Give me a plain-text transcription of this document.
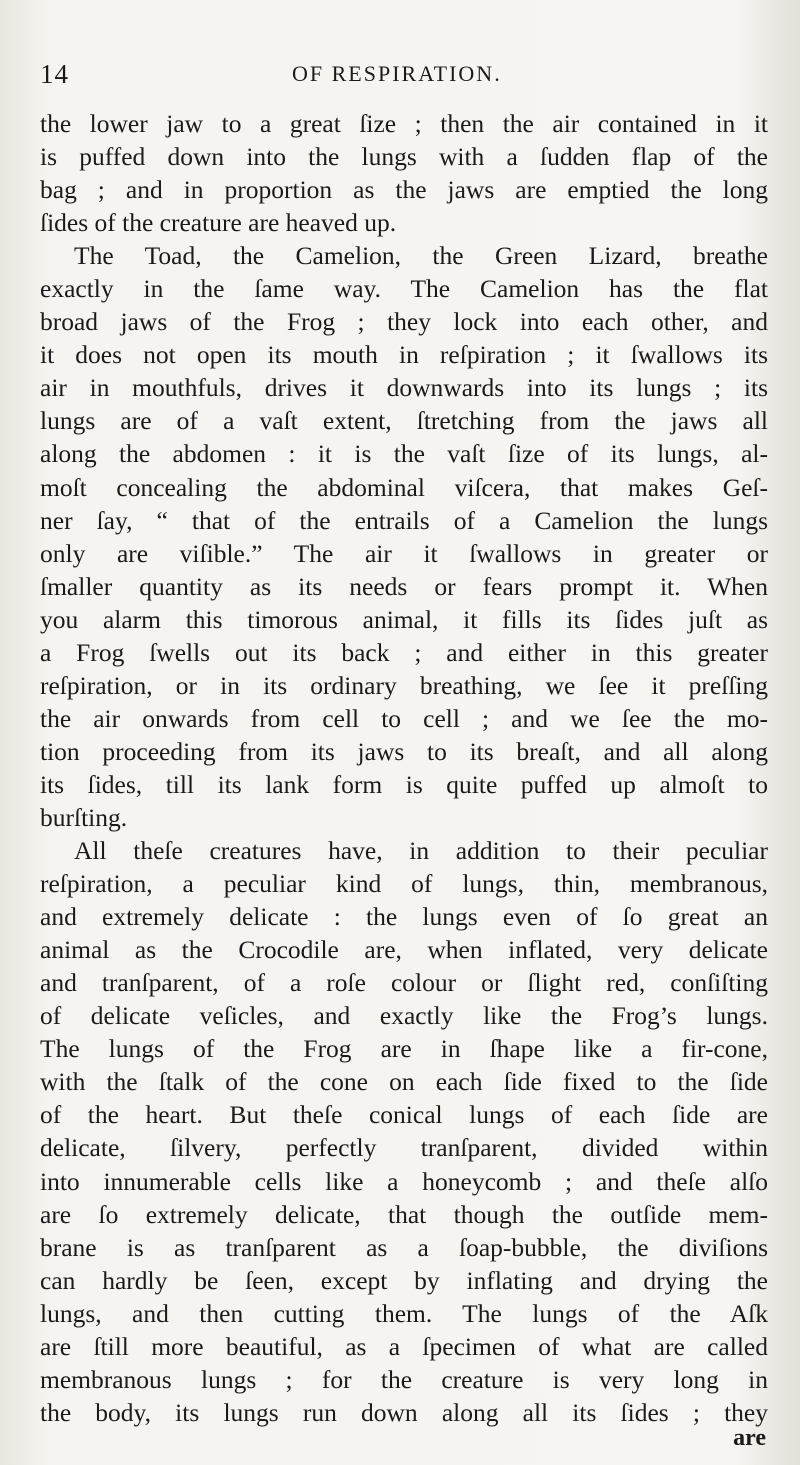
14	OF RESPIRATION.
the lower jaw to a great ſize ; then the air contained in it
is puffed down into the lungs with a ſudden flap of the
bag ; and in proportion as the jaws are emptied the long
ſides of the creature are heaved up.
The Toad, the Camelion, the Green Lizard, breathe
exactly in the ſame way. The Camelion has the flat
broad jaws of the Frog ; they lock into each other, and
it does not open its mouth in reſpiration ; it ſwallows its
air in mouthfuls, drives it downwards into its lungs ; its
lungs are of a vaſt extent, ſtretching from the jaws all
along the abdomen : it is the vaſt ſize of its lungs, al-
moſt concealing the abdominal viſcera, that makes Geſ-
ner ſay, “ that of the entrails of a Camelion the lungs
only are viſible.” The air it ſwallows in greater or
ſmaller quantity as its needs or fears prompt it. When
you alarm this timorous animal, it fills its ſides juſt as
a Frog ſwells out its back ; and either in this greater
reſpiration, or in its ordinary breathing, we ſee it preſſing
the air onwards from cell to cell ; and we ſee the mo-
tion proceeding from its jaws to its breaſt, and all along
its ſides, till its lank form is quite puffed up almoſt to
burſting.
All theſe creatures have, in addition to their peculiar
reſpiration, a peculiar kind of lungs, thin, membranous,
and extremely delicate : the lungs even of ſo great an
animal as the Crocodile are, when inflated, very delicate
and tranſparent, of a roſe colour or ſlight red, conſiſting
of delicate veſicles, and exactly like the Frog’s lungs.
The lungs of the Frog are in ſhape like a fir-cone,
with the ſtalk of the cone on each ſide fixed to the ſide
of the heart. But theſe conical lungs of each ſide are
delicate, ſilvery, perfectly tranſparent, divided within
into innumerable cells like a honeycomb ; and theſe alſo
are ſo extremely delicate, that though the outſide mem-
brane is as tranſparent as a ſoap-bubble, the diviſions
can hardly be ſeen, except by inflating and drying the
lungs, and then cutting them. The lungs of the Aſk
are ſtill more beautiful, as a ſpecimen of what are called
membranous lungs ; for the creature is very long in
the body, its lungs run down along all its ſides ; they
are
